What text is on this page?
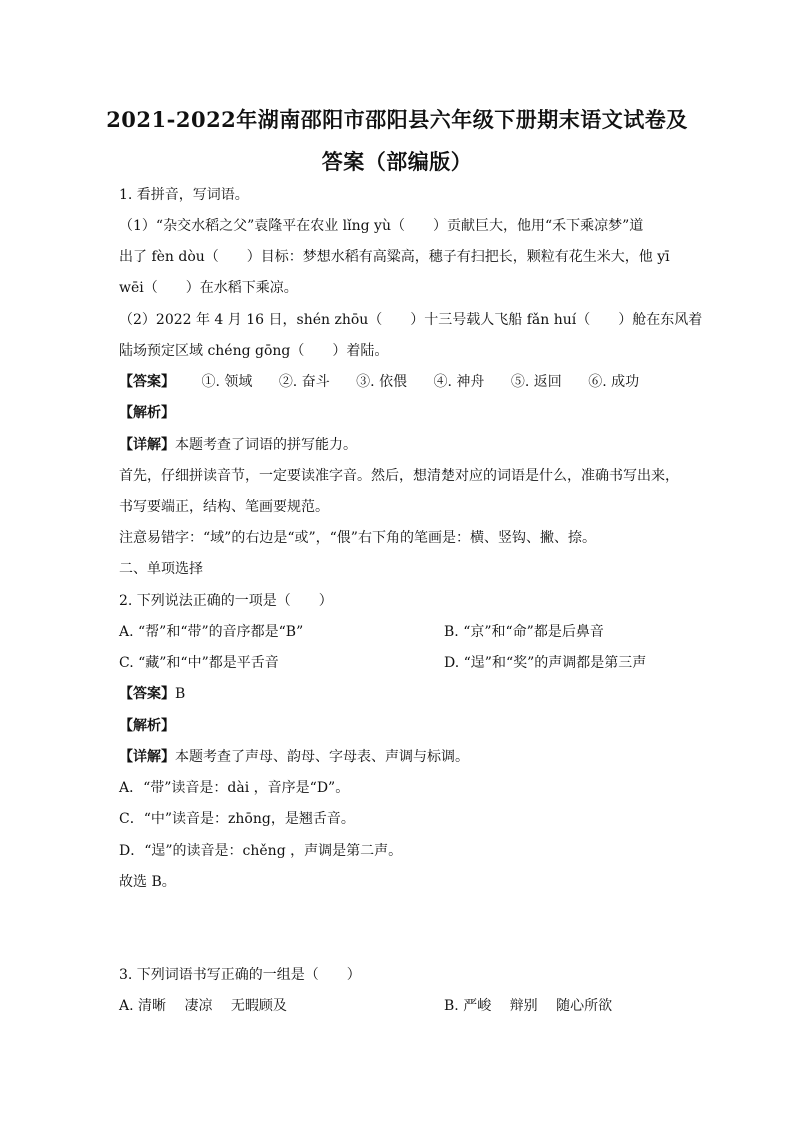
2021-2022年湖南邵阳市邵阳县六年级下册期末语文试卷及
答案（部编版）
1. 看拼音，写词语。
（1）“杂交水稻之父”袁隆平在农业 lǐng yù（　　）贡献巨大，他用“禾下乘凉梦”道
出了 fèn dòu（　　）目标：梦想水稻有高粱高，穗子有扫把长，颗粒有花生米大，他 yī
wēi（　　）在水稻下乘凉。
（2）2022 年 4 月 16 日，shén zhōu（　　）十三号载人飞船 fǎn huí（　　）舱在东风着
陆场预定区域 chéng gōng（　　）着陆。
【答案】 ①. 领域 ②. 奋斗 ③. 依偎 ④. 神舟 ⑤. 返回 ⑥. 成功
【解析】
【详解】本题考查了词语的拼写能力。
首先，仔细拼读音节，一定要读准字音。然后，想清楚对应的词语是什么，准确书写出来，
书写要端正，结构、笔画要规范。
注意易错字：“域”的右边是“或”，“偎”右下角的笔画是：横、竖钩、撇、捺。
二、单项选择
2. 下列说法正确的一项是（　　）
A. “帮”和“带”的音序都是“B”	B. “京”和“命”都是后鼻音
C. “藏”和“中”都是平舌音	D. “逞”和“奖”的声调都是第三声
【答案】B
【解析】
【详解】本题考查了声母、韵母、字母表、声调与标调。
A．“带”读音是：dài ，音序是“D”。
C．“中”读音是：zhōng，是翘舌音。
D．“逞”的读音是：chěng ，声调是第二声。
故选 B。
3. 下列词语书写正确的一组是（　　）
A. 清晰　 凄凉　 无暇顾及	B. 严峻　 辩别　 随心所欲
